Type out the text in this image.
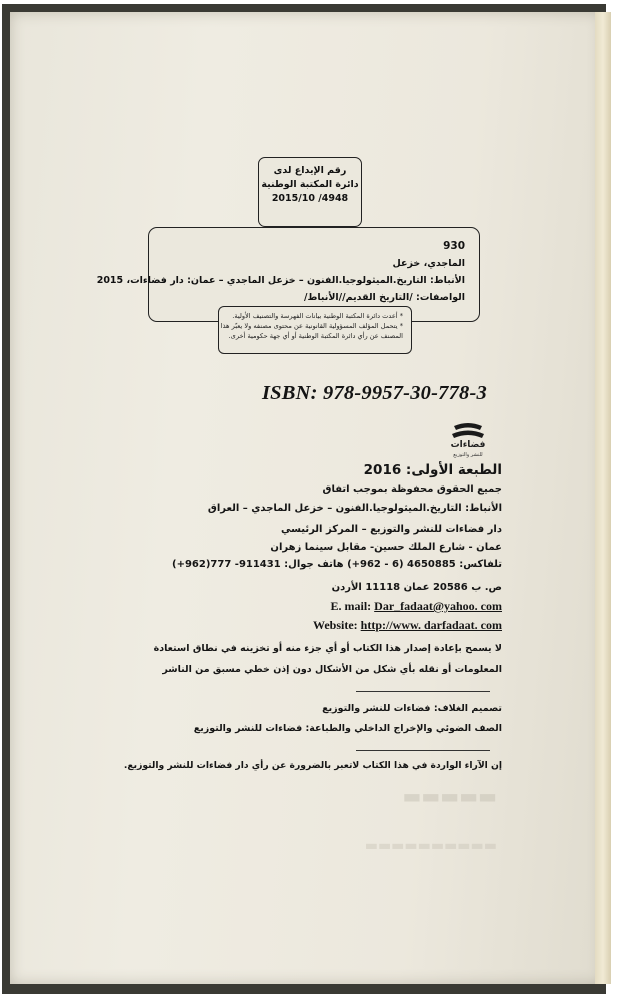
▬▬▬▬▬
▬▬▬▬▬▬▬▬▬▬
رقم الإيداع لدى
دائرة المكتبة الوطنية
2015/10 /4948
930
الماجدي، خزعل
الأنباط: التاريخ.الميثولوجيا.الفنون – خزعل الماجدي – عمان: دار فضاءات، 2015
الواصفات: /التاريخ القديم//الأنباط/
* أعدت دائرة المكتبة الوطنية بيانات الفهرسة والتصنيف الأولية.
* يتحمل المؤلف المسؤولية القانونية عن محتوى مصنفه ولا يعبّر هذا
المصنف عن رأي دائرة المكتبة الوطنية أو أي جهة حكومية أخرى.
ISBN: 978-9957-30-778-3
فضاءات
للنشر والتوزيع
الطبعة الأولى: 2016
جميع الحقوق محفوظة بموجب اتفاق
الأنباط: التاريخ.الميثولوجيا.الفنون – خزعل الماجدي – العراق
دار فضاءات للنشر والتوزيع – المركز الرئيسي
عمان - شارع الملك حسين- مقابل سينما زهران
تلفاكس: 4650885 (6 - 962+) هاتف جوال: 911431- 777(962+)
ص. ب 20586 عمان 11118 الأردن
E. mail: Dar_fadaat@yahoo. com
Website: http://www. darfadaat. com
لا يسمح بإعادة إصدار هذا الكتاب أو أي جزء منه أو تخزينه في نطاق استعادة
المعلومات أو نقله بأي شكل من الأشكال دون إذن خطي مسبق من الناشر
تصميم الغلاف: فضاءات للنشر والتوزيع
الصف الضوئي والإخراج الداخلي والطباعة: فضاءات للنشر والتوزيع
إن الآراء الواردة في هذا الكتاب لاتعبر بالضرورة عن رأي دار فضاءات للنشر والتوزيع.
